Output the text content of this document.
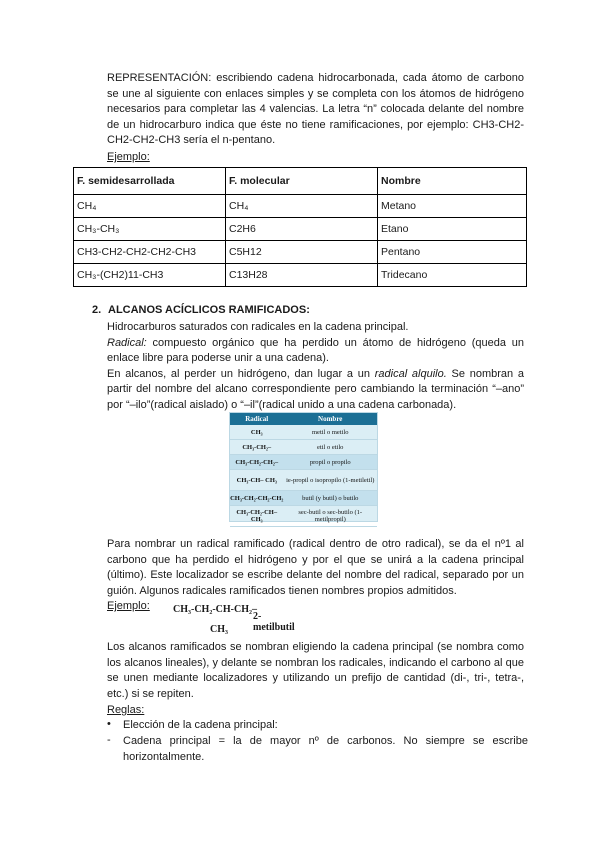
REPRESENTACIÓN: escribiendo cadena hidrocarbonada, cada átomo de carbono se une al siguiente con enlaces simples y se completa con los átomos de hidrógeno necesarios para completar las 4 valencias. La letra “n” colocada delante del nombre de un hidrocarburo indica que éste no tiene ramificaciones, por ejemplo: CH3-CH2-CH2-CH2-CH3 sería el n-pentano.

Ejemplo:

F. semidesarrollada	F. molecular	Nombre
CH₄	CH₄	Metano
CH₃-CH₃	C2H6	Etano
CH3-CH2-CH2-CH2-CH3	C5H12	Pentano
CH₃-(CH2)11-CH3	C13H28	Tridecano
2. ALCANOS ACÍCLICOS RAMIFICADOS:

Hidrocarburos saturados con radicales en la cadena principal.

Radical: compuesto orgánico que ha perdido un átomo de hidrógeno (queda un enlace libre para poderse unir a una cadena).

En alcanos, al perder un hidrógeno, dan lugar a un radical alquilo. Se nombran a partir del nombre del alcano correspondiente pero cambiando la terminación “–ano” por “–ilo”(radical aislado) o “–il”(radical unido a una cadena carbonada).

Radical	Nombre
CH₃	metil o metilo
CH₃-CH₂–	etil o etilo
CH₃-CH₂-CH₂–	propil o propilo
CH₃-CH– CH₃	ie-propil o isopropilo (1-metiletil)
CH₃-CH₂-CH₂-CH₂	butil (y butil) o butilo
CH₃-CH₂-CH– CH₃	sec-butil o sec-butilo (1-metilpropil)

Para nombrar un radical ramificado (radical dentro de otro radical), se da el nº1 al carbono que ha perdido el hidrógeno y por el que se unirá a la cadena principal (último). Este localizador se escribe delante del nombre del radical, separado por un guión. Algunos radicales ramificados tienen nombres propios admitidos.

Ejemplo: CH₃-CH₂-CH-CH₂–
CH₃
2-metilbutil

Los alcanos ramificados se nombran eligiendo la cadena principal (se nombra como los alcanos lineales), y delante se nombran los radicales, indicando el carbono al que se unen mediante localizadores y utilizando un prefijo de cantidad (di-, tri-, tetra-, etc.) si se repiten.

Reglas:

• Elección de la cadena principal:
- Cadena principal = la de mayor nº de carbonos. No siempre se escribe horizontalmente.
